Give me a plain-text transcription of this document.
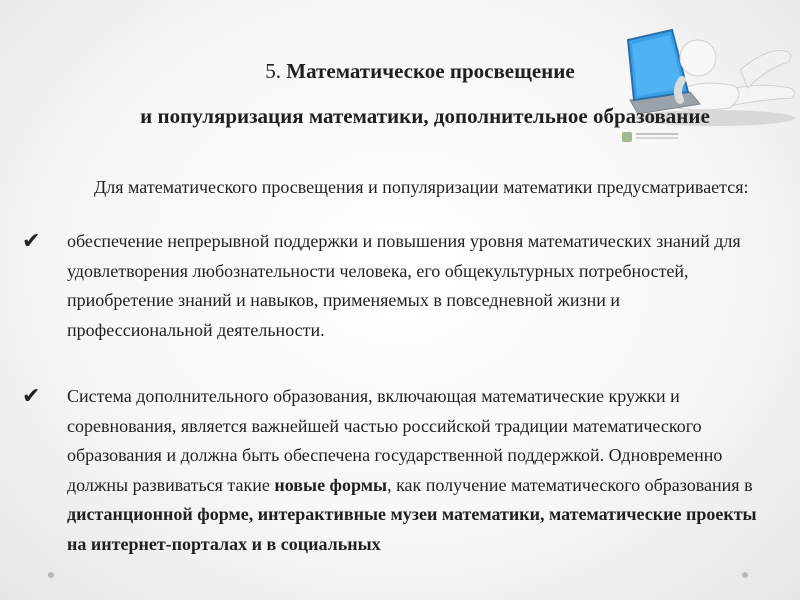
5. Математическое просвещение
и популяризация математики, дополнительное образование

Для математического просвещения и популяризации математики предусматривается:

✔ обеспечение непрерывной поддержки и повышения уровня математических знаний для удовлетворения любознательности человека, его общекультурных потребностей, приобретение знаний и навыков, применяемых в повседневной жизни и профессиональной деятельности.

✔ Система дополнительного образования, включающая математические кружки и соревнования, является важнейшей частью российской традиции математического образования и должна быть обеспечена государственной поддержкой. Одновременно должны развиваться такие новые формы, как получение математического образования в дистанционной форме, интерактивные музеи математики, математические проекты на интернет-порталах и в социальных
